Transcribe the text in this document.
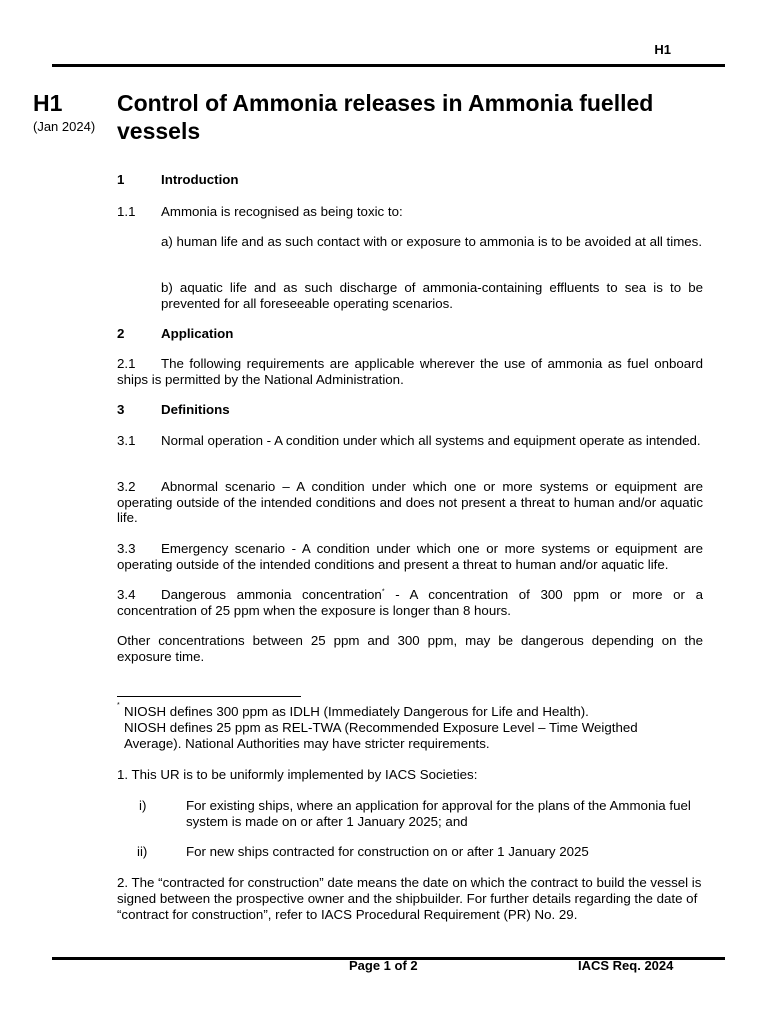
H1
H1
(Jan 2024)
Control of Ammonia releases in Ammonia fuelled vessels
1	Introduction
1.1 Ammonia is recognised as being toxic to:
a) human life and as such contact with or exposure to ammonia is to be avoided at all times.
b) aquatic life and as such discharge of ammonia-containing effluents to sea is to be prevented for all foreseeable operating scenarios.
2	Application
2.1 The following requirements are applicable wherever the use of ammonia as fuel onboard ships is permitted by the National Administration.
3	Definitions
3.1 Normal operation - A condition under which all systems and equipment operate as intended.
3.2 Abnormal scenario – A condition under which one or more systems or equipment are operating outside of the intended conditions and does not present a threat to human and/or aquatic life.
3.3 Emergency scenario - A condition under which one or more systems or equipment are operating outside of the intended conditions and present a threat to human and/or aquatic life.
3.4 Dangerous ammonia concentration* - A concentration of 300 ppm or more or a concentration of 25 ppm when the exposure is longer than 8 hours.
Other concentrations between 25 ppm and 300 ppm, may be dangerous depending on the exposure time.
* NIOSH defines 300 ppm as IDLH (Immediately Dangerous for Life and Health).
NIOSH defines 25 ppm as REL-TWA (Recommended Exposure Level – Time Weigthed Average). National Authorities may have stricter requirements.
1. This UR is to be uniformly implemented by IACS Societies:
i)	For existing ships, where an application for approval for the plans of the Ammonia fuel system is made on or after 1 January 2025; and
ii)	For new ships contracted for construction on or after 1 January 2025
2. The “contracted for construction” date means the date on which the contract to build the vessel is signed between the prospective owner and the shipbuilder. For further details regarding the date of “contract for construction”, refer to IACS Procedural Requirement (PR) No. 29.
Page 1 of 2	IACS Req. 2024
